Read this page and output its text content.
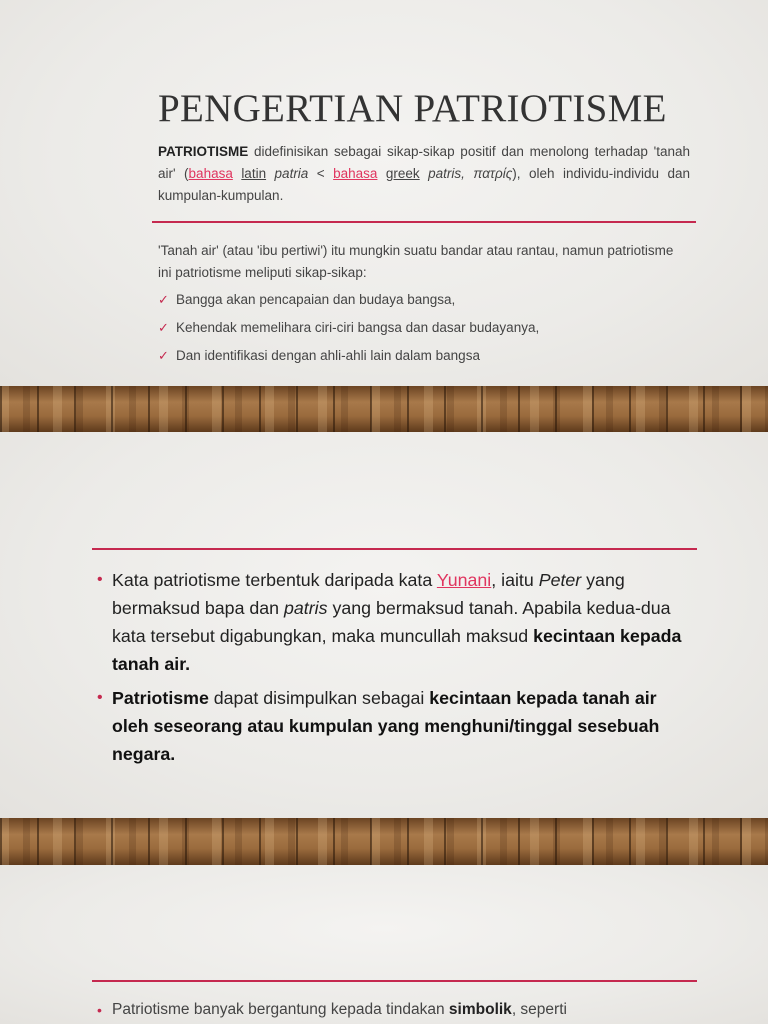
PENGERTIAN PATRIOTISME

PATRIOTISME didefinisikan sebagai sikap-sikap positif dan menolong terhadap 'tanah air' (bahasa latin patria < bahasa greek patris, πατρίς), oleh individu-individu dan kumpulan-kumpulan.

'Tanah air' (atau 'ibu pertiwi') itu mungkin suatu bandar atau rantau, namun patriotisme ini patriotisme meliputi sikap-sikap:

✓ Bangga akan pencapaian dan budaya bangsa,
✓ Kehendak memelihara ciri-ciri bangsa dan dasar budayanya,
✓ Dan identifikasi dengan ahli-ahli lain dalam bangsa
• Kata patriotisme terbentuk daripada kata Yunani, iaitu Peter yang bermaksud bapa dan patris yang bermaksud tanah. Apabila kedua-dua kata tersebut digabungkan, maka muncullah maksud kecintaan kepada tanah air.
• Patriotisme dapat disimpulkan sebagai kecintaan kepada tanah air oleh seseorang atau kumpulan yang menghuni/tinggal sesebuah negara.
• Patriotisme banyak bergantung kepada tindakan simbolik, seperti
